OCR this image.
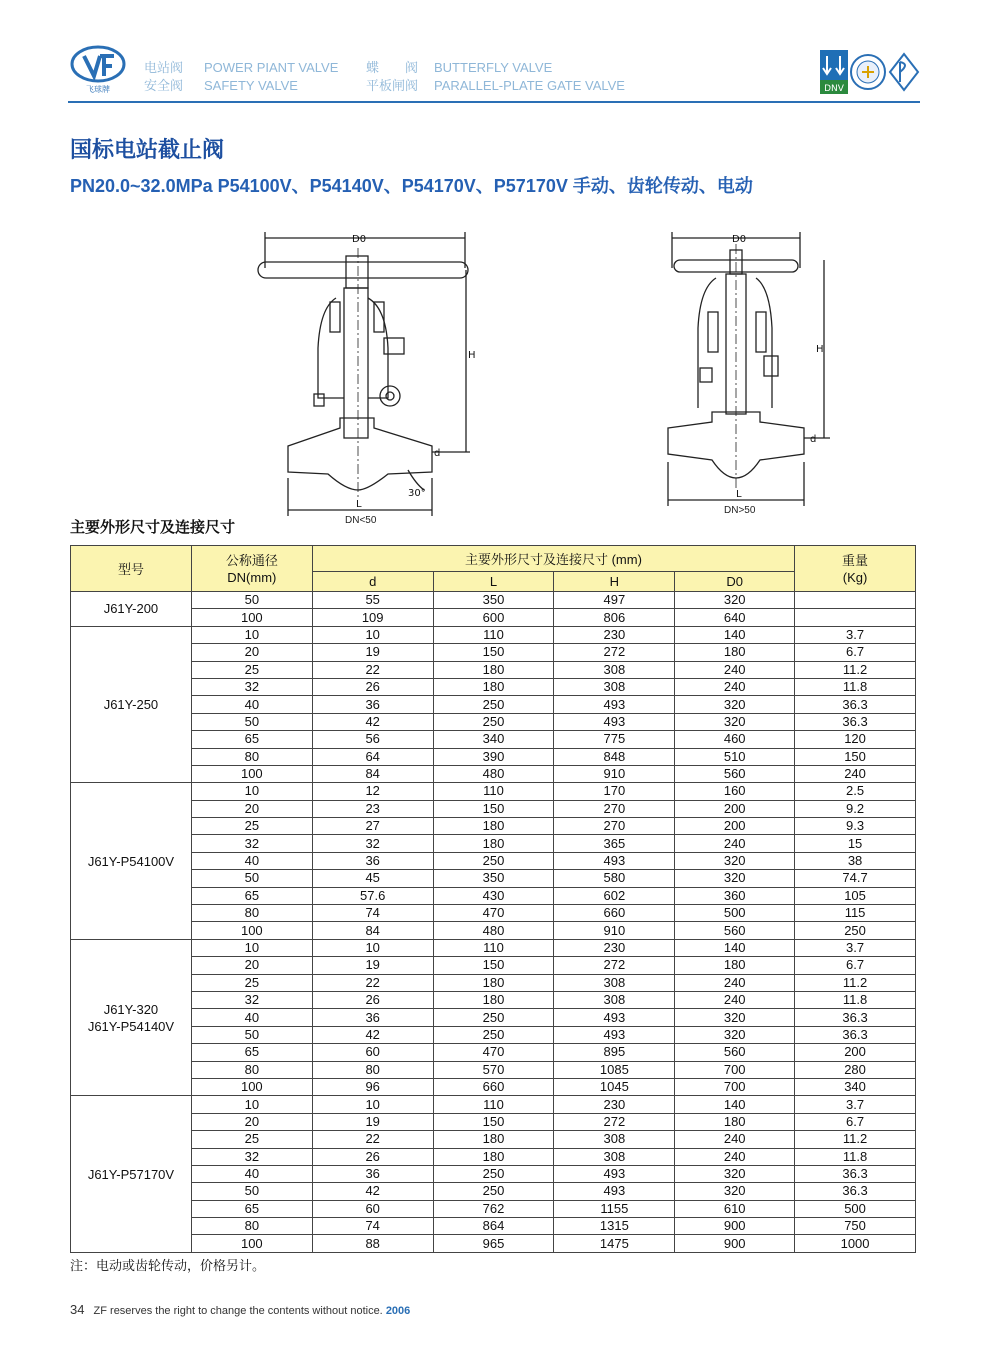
飞球牌
电站阀
安全阀
POWER PIANT VALVE
SAFETY VALVE
蝶　　阀
平板闸阀
BUTTERFLY VALVE
PARALLEL-PLATE GATE VALVE	DNV
国标电站截止阀
PN20.0~32.0MPa P54100V、P54140V、P54170V、P57170V 手动、齿轮传动、电动
D0
H
d
L
30°
DN<50
D0
H
d
L
DN>50
主要外形尺寸及连接尺寸
型号	公称通径
DN(mm)	主要外形尺寸及连接尺寸 (mm)				重量
(Kg)
		d	L	H	D0	
J61Y-200	50	55	350	497	320	
	100	109	600	806	640	
J61Y-250	10	10	110	230	140	3.7
	20	19	150	272	180	6.7
	25	22	180	308	240	11.2
	32	26	180	308	240	11.8
	40	36	250	493	320	36.3
	50	42	250	493	320	36.3
	65	56	340	775	460	120
	80	64	390	848	510	150
	100	84	480	910	560	240
J61Y-P54100V	10	12	110	170	160	2.5
	20	23	150	270	200	9.2
	25	27	180	270	200	9.3
	32	32	180	365	240	15
	40	36	250	493	320	38
	50	45	350	580	320	74.7
	65	57.6	430	602	360	105
	80	74	470	660	500	115
	100	84	480	910	560	250
J61Y-320
J61Y-P54140V	10	10	110	230	140	3.7
	20	19	150	272	180	6.7
	25	22	180	308	240	11.2
	32	26	180	308	240	11.8
	40	36	250	493	320	36.3
	50	42	250	493	320	36.3
	65	60	470	895	560	200
	80	80	570	1085	700	280
	100	96	660	1045	700	340
J61Y-P57170V	10	10	110	230	140	3.7
	20	19	150	272	180	6.7
	25	22	180	308	240	11.2
	32	26	180	308	240	11.8
	40	36	250	493	320	36.3
	50	42	250	493	320	36.3
	65	60	762	1155	610	500
	80	74	864	1315	900	750
	100	88	965	1475	900	1000
注：电动或齿轮传动，价格另计。
34 ZF reserves the right to change the contents without notice. 2006
